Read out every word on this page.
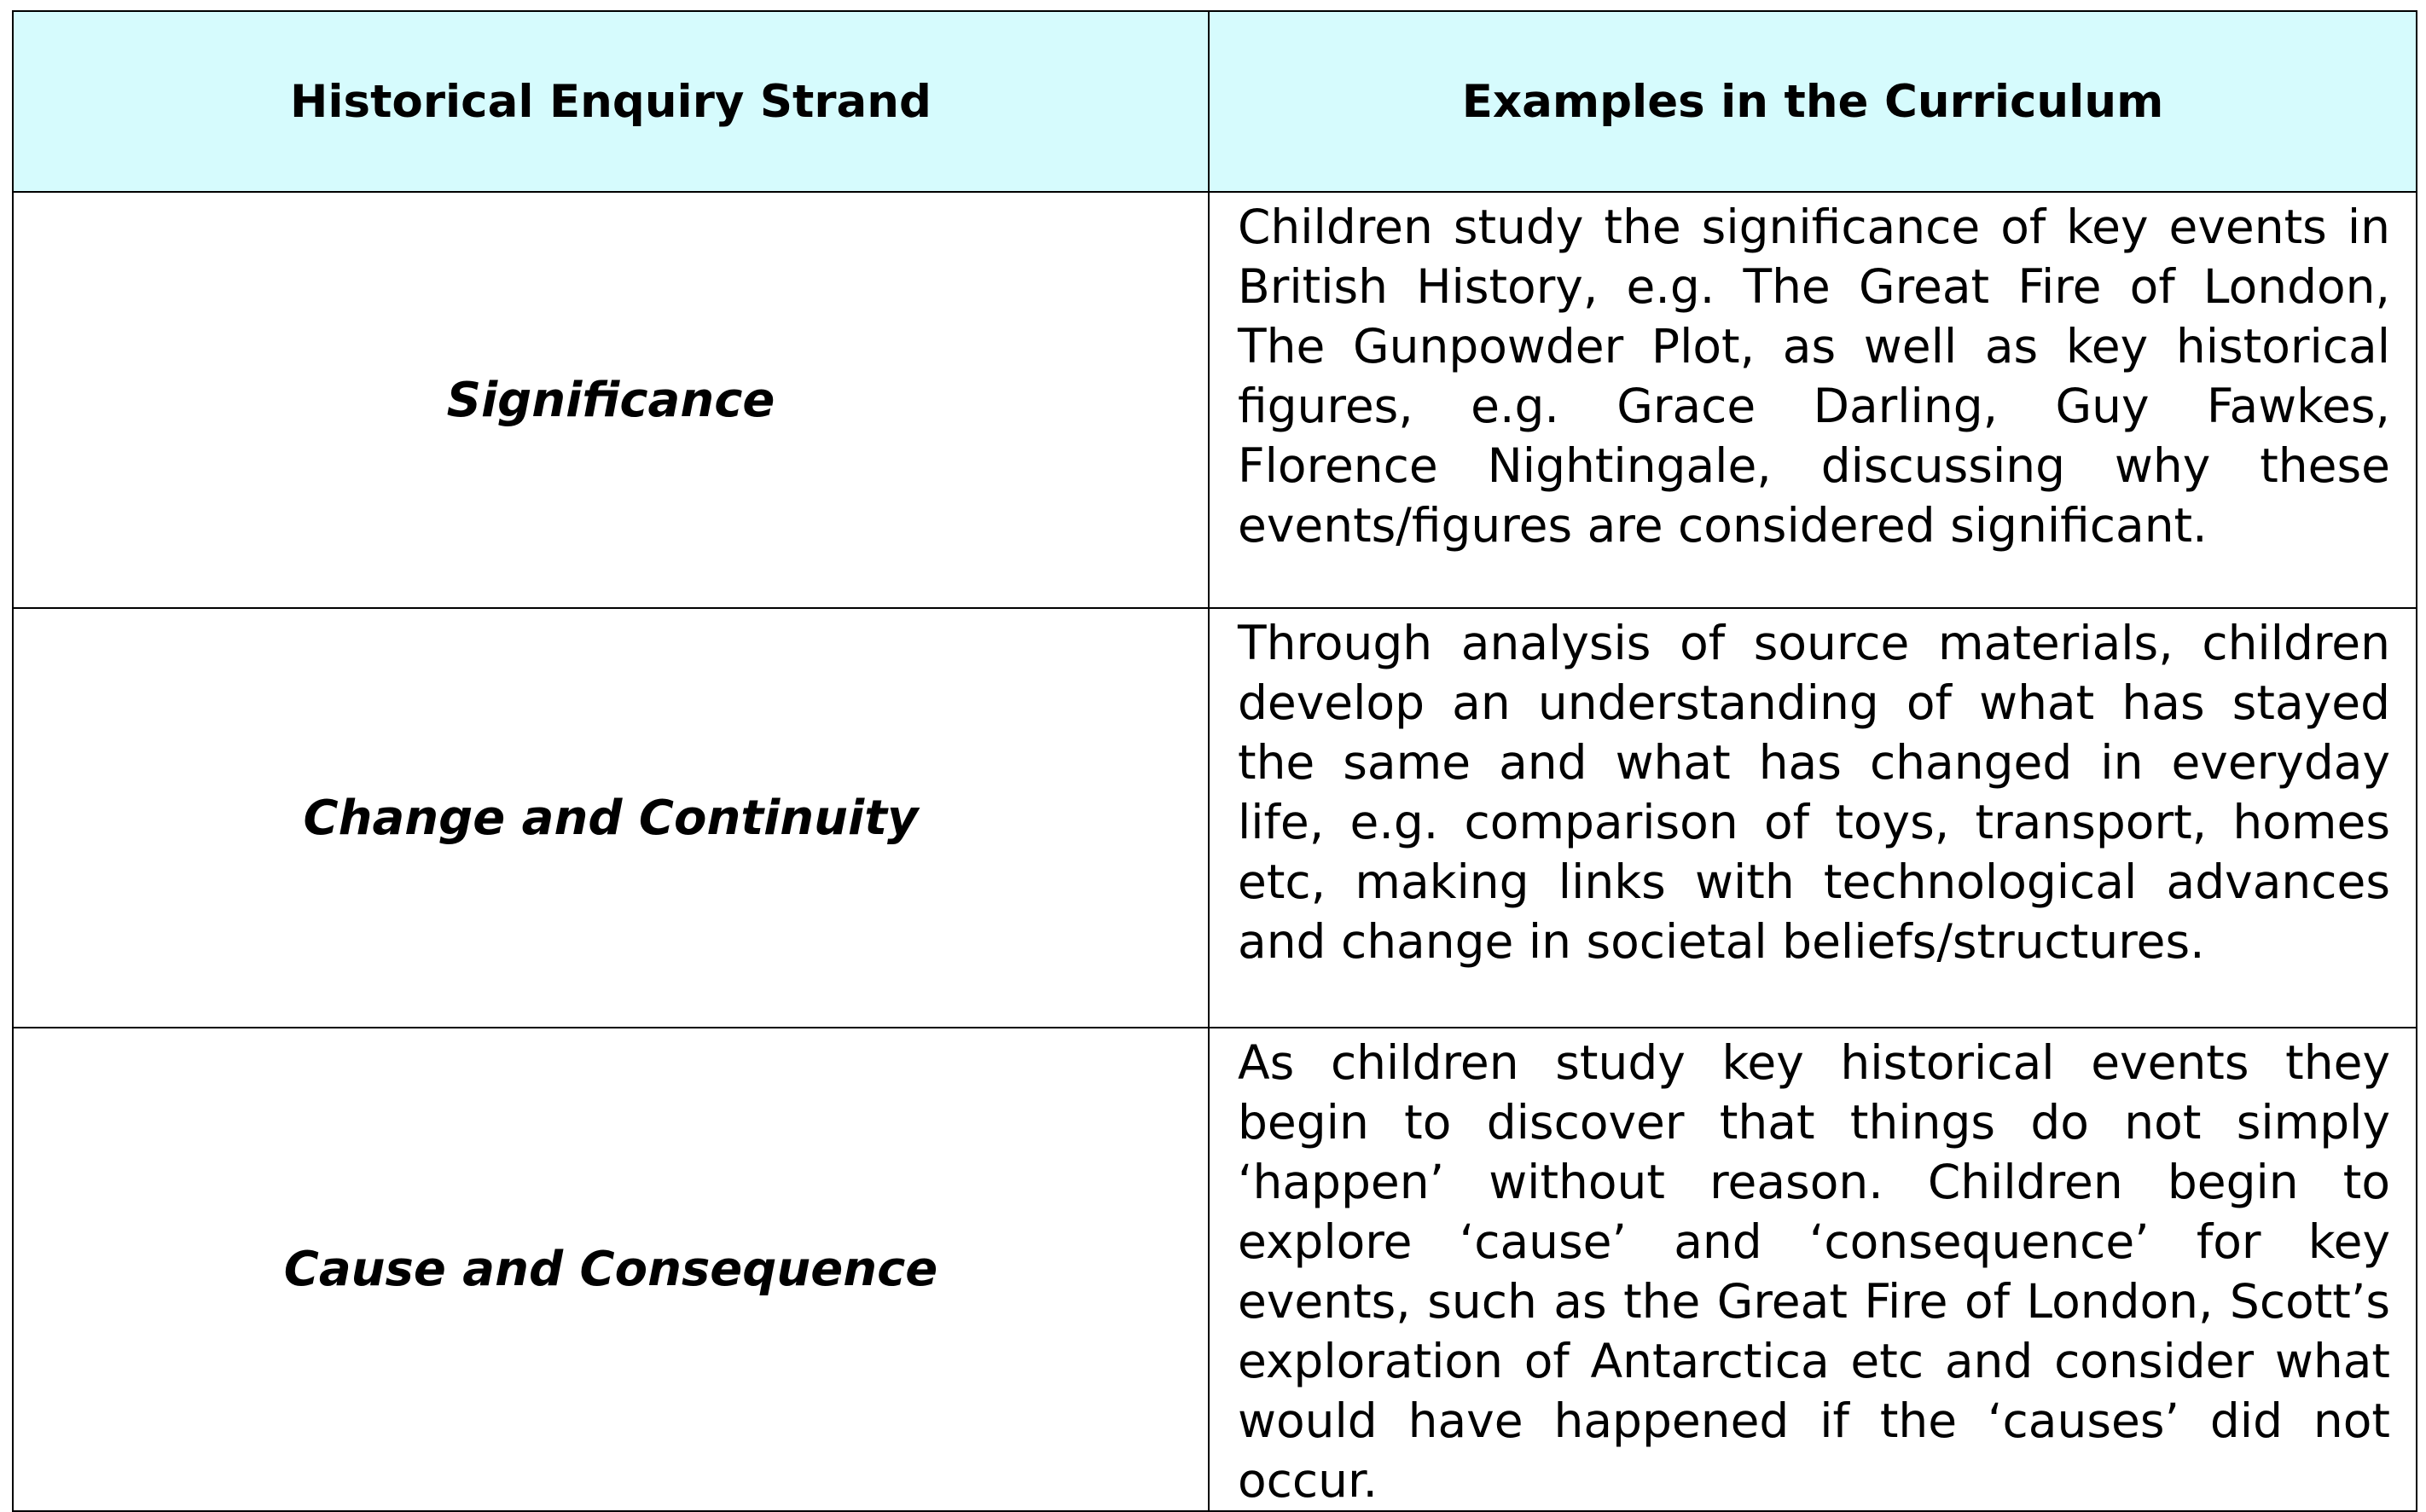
Historical Enquiry Strand	Examples in the Curriculum
Significance	Children study the significance of key events in British History, e.g. The Great Fire of London, The Gunpowder Plot, as well as key historical figures, e.g. Grace Darling, Guy Fawkes, Florence Nightingale, discussing why these events/figures are considered significant.
Change and Continuity	Through analysis of source materials, children develop an understanding of what has stayed the same and what has changed in everyday life, e.g. comparison of toys, transport, homes etc, making links with technological advances and change in societal beliefs/structures.
Cause and Consequence	As children study key historical events they begin to discover that things do not simply ‘happen’ without reason. Children begin to explore ‘cause’ and ‘consequence’ for key events, such as the Great Fire of London, Scott’s exploration of Antarctica etc and consider what would have happened if the ‘causes’ did not occur.
